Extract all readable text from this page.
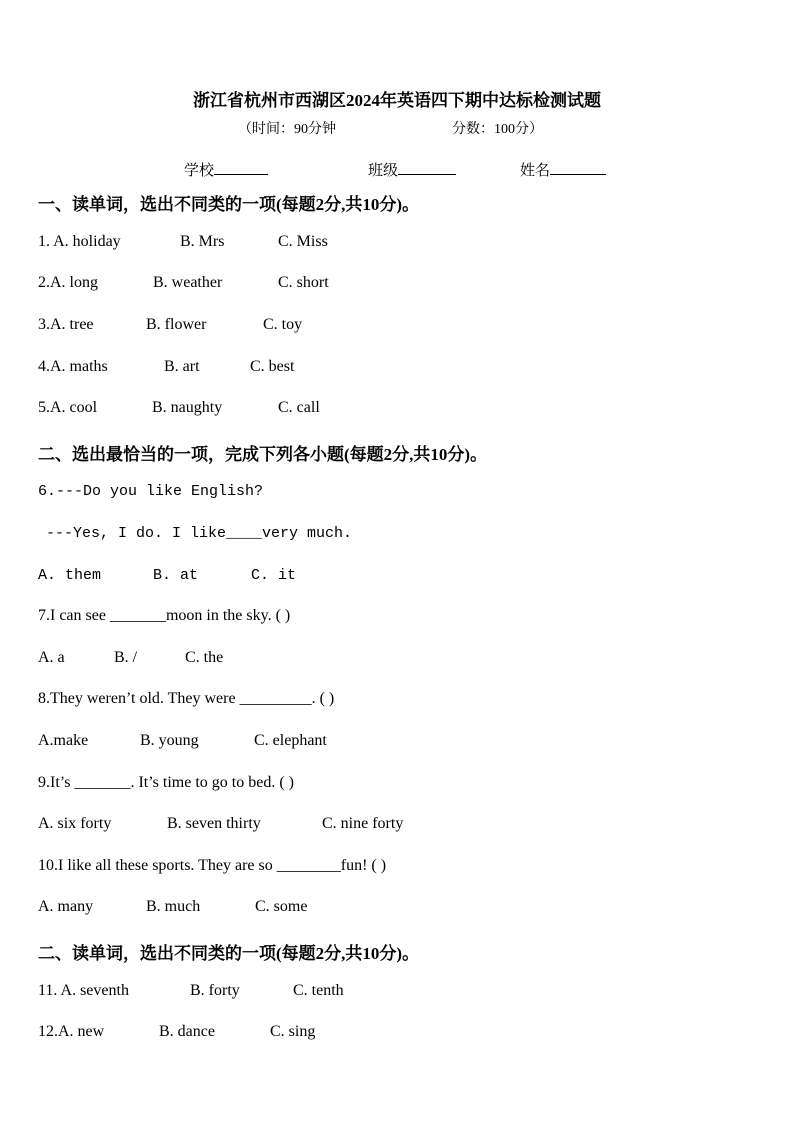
浙江省杭州市西湖区2024年英语四下期中达标检测试题
（时间：90分钟	分数：100分）
学校	班级	姓名
一、读单词，选出不同类的一项(每题2分,共10分)。
1. A. holiday	B. Mrs	C. Miss
2.A. long	B. weather	C. short
3.A. tree	B. flower	C. toy
4.A. maths	B. art	C. best
5.A. cool	B. naughty	C. call
二、选出最恰当的一项，完成下列各小题(每题2分,共10分)。
6.---Do you like English?
---Yes, I do. I like____very much.
A. them	B. at	C. it
7.I can see _______moon in the sky. ( )
A. a	B. /	C. the
8.They weren’t old. They were _________. ( )
A.make	B. young	C. elephant
9.It’s _______. It’s time to go to bed. ( )
A. six forty	B. seven thirty	C. nine forty
10.I like all these sports. They are so ________fun! ( )
A. many	B. much	C. some
二、读单词，选出不同类的一项(每题2分,共10分)。
11. A. seventh	B. forty	C. tenth
12.A. new	B. dance	C. sing
